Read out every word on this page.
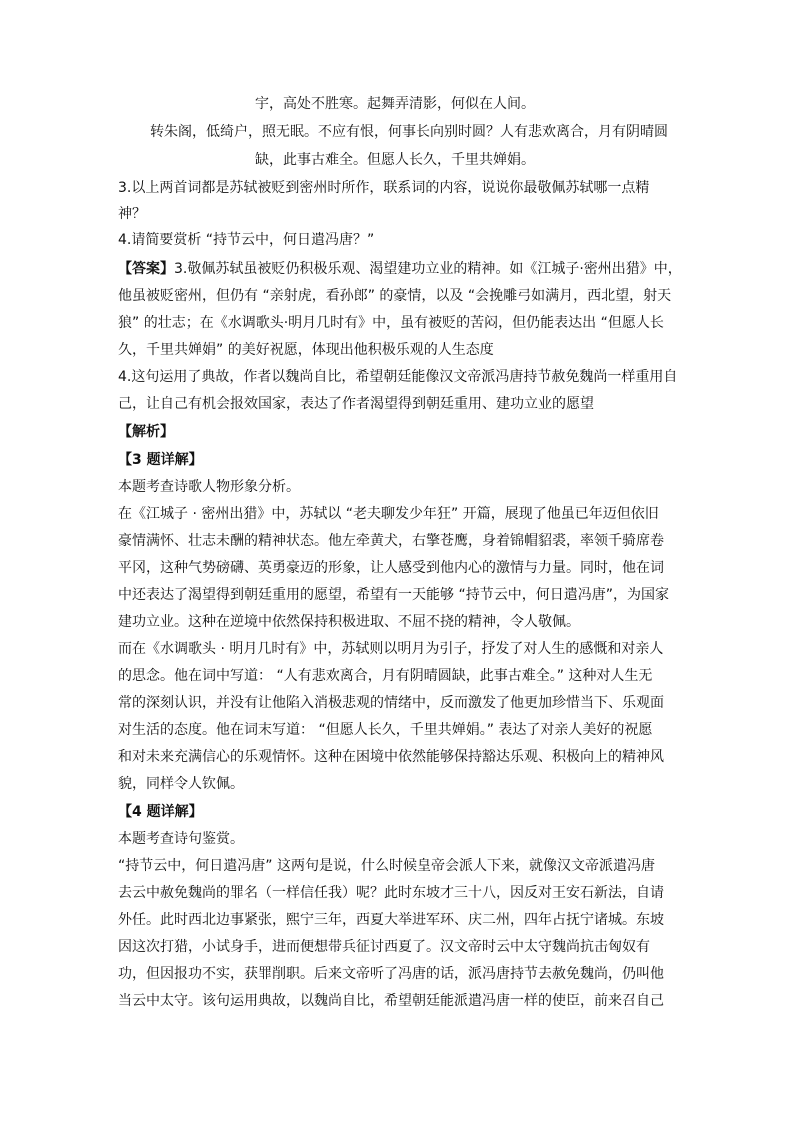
宇，高处不胜寒。起舞弄清影，何似在人间。

转朱阁，低绮户，照无眠。不应有恨，何事长向别时圆？人有悲欢离合，月有阴晴圆

缺，此事古难全。但愿人长久，千里共婵娟。

3.以上两首词都是苏轼被贬到密州时所作，联系词的内容，说说你最敬佩苏轼哪一点精

神？

4.请简要赏析 “持节云中，何日遣冯唐？”

【答案】3.敬佩苏轼虽被贬仍积极乐观、渴望建功立业的精神。如《江城子·密州出猎》中，

他虽被贬密州，但仍有 “亲射虎，看孙郎” 的豪情，以及 “会挽雕弓如满月，西北望，射天

狼” 的壮志；在《水调歌头·明月几时有》中，虽有被贬的苦闷，但仍能表达出 “但愿人长

久，千里共婵娟” 的美好祝愿，体现出他积极乐观的人生态度

4.这句运用了典故，作者以魏尚自比，希望朝廷能像汉文帝派冯唐持节赦免魏尚一样重用自

己，让自己有机会报效国家，表达了作者渴望得到朝廷重用、建功立业的愿望

【解析】

【3 题详解】

本题考查诗歌人物形象分析。

在《江城子 · 密州出猎》中，苏轼以 “老夫聊发少年狂” 开篇，展现了他虽已年迈但依旧

豪情满怀、壮志未酬的精神状态。他左牵黄犬，右擎苍鹰，身着锦帽貂裘，率领千骑席卷

平冈，这种气势磅礴、英勇豪迈的形象，让人感受到他内心的激情与力量。同时，他在词

中还表达了渴望得到朝廷重用的愿望，希望有一天能够 “持节云中，何日遣冯唐”，为国家

建功立业。这种在逆境中依然保持积极进取、不屈不挠的精神，令人敬佩。

而在《水调歌头 · 明月几时有》中，苏轼则以明月为引子，抒发了对人生的感慨和对亲人

的思念。他在词中写道： “人有悲欢离合，月有阴晴圆缺，此事古难全。” 这种对人生无

常的深刻认识，并没有让他陷入消极悲观的情绪中，反而激发了他更加珍惜当下、乐观面

对生活的态度。他在词末写道： “但愿人长久，千里共婵娟。” 表达了对亲人美好的祝愿

和对未来充满信心的乐观情怀。这种在困境中依然能够保持豁达乐观、积极向上的精神风

貌，同样令人钦佩。

【4 题详解】

本题考查诗句鉴赏。

“持节云中，何日遣冯唐” 这两句是说，什么时候皇帝会派人下来，就像汉文帝派遣冯唐

去云中赦免魏尚的罪名（一样信任我）呢？此时东坡才三十八，因反对王安石新法，自请

外任。此时西北边事紧张，熙宁三年，西夏大举进军环、庆二州，四年占抚宁诸城。东坡

因这次打猎，小试身手，进而便想带兵征讨西夏了。汉文帝时云中太守魏尚抗击匈奴有

功，但因报功不实，获罪削职。后来文帝听了冯唐的话，派冯唐持节去赦免魏尚，仍叫他

当云中太守。该句运用典故，以魏尚自比，希望朝廷能派遣冯唐一样的使臣，前来召自己
